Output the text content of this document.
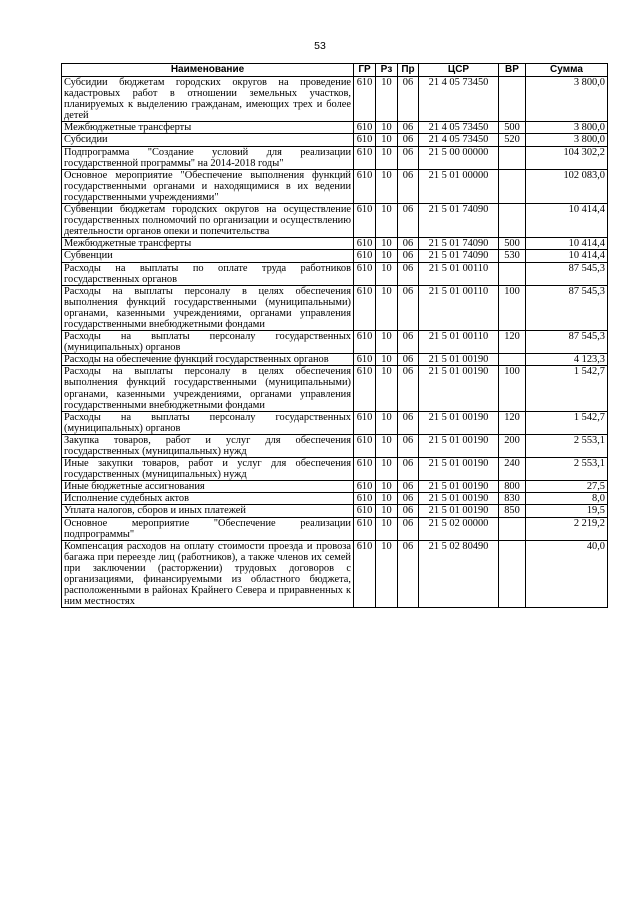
53
Наименование	ГР	Рз	Пр	ЦСР	ВР	Сумма
Субсидии бюджетам городских округов на проведение кадастровых работ в отношении земельных участков, планируемых к выделению гражданам, имеющих трех и более детей	610	10	06	21 4 05 73450		3 800,0
Межбюджетные трансферты	610	10	06	21 4 05 73450	500	3 800,0
Субсидии	610	10	06	21 4 05 73450	520	3 800,0
Подпрограмма "Создание условий для реализации государственной программы" на 2014-2018 годы"	610	10	06	21 5 00 00000		104 302,2
Основное мероприятие "Обеспечение выполнения функций государственными органами и находящимися в их ведении государственными учреждениями"	610	10	06	21 5 01 00000		102 083,0
Субвенции бюджетам городских округов на осуществление государственных полномочий по организации и осуществлению деятельности органов опеки и попечительства	610	10	06	21 5 01 74090		10 414,4
Межбюджетные трансферты	610	10	06	21 5 01 74090	500	10 414,4
Субвенции	610	10	06	21 5 01 74090	530	10 414,4
Расходы на выплаты по оплате труда работников государственных органов	610	10	06	21 5 01 00110		87 545,3
Расходы на выплаты персоналу в целях обеспечения выполнения функций государственными (муниципальными) органами, казенными учреждениями, органами управления государственными внебюджетными фондами	610	10	06	21 5 01 00110	100	87 545,3
Расходы на выплаты персоналу государственных (муниципальных) органов	610	10	06	21 5 01 00110	120	87 545,3
Расходы на обеспечение функций государственных органов	610	10	06	21 5 01 00190		4 123,3
Расходы на выплаты персоналу в целях обеспечения выполнения функций государственными (муниципальными) органами, казенными учреждениями, органами управления государственными внебюджетными фондами	610	10	06	21 5 01 00190	100	1 542,7
Расходы на выплаты персоналу государственных (муниципальных) органов	610	10	06	21 5 01 00190	120	1 542,7
Закупка товаров, работ и услуг для обеспечения государственных (муниципальных) нужд	610	10	06	21 5 01 00190	200	2 553,1
Иные закупки товаров, работ и услуг для обеспечения государственных (муниципальных) нужд	610	10	06	21 5 01 00190	240	2 553,1
Иные бюджетные ассигнования	610	10	06	21 5 01 00190	800	27,5
Исполнение судебных актов	610	10	06	21 5 01 00190	830	8,0
Уплата налогов, сборов и иных платежей	610	10	06	21 5 01 00190	850	19,5
Основное мероприятие "Обеспечение реализации подпрограммы"	610	10	06	21 5 02 00000		2 219,2
Компенсация расходов на оплату стоимости проезда и провоза багажа при переезде лиц (работников), а также членов их семей при заключении (расторжении) трудовых договоров с организациями, финансируемыми из областного бюджета, расположенными в районах Крайнего Севера и приравненных к ним местностях	610	10	06	21 5 02 80490		40,0
